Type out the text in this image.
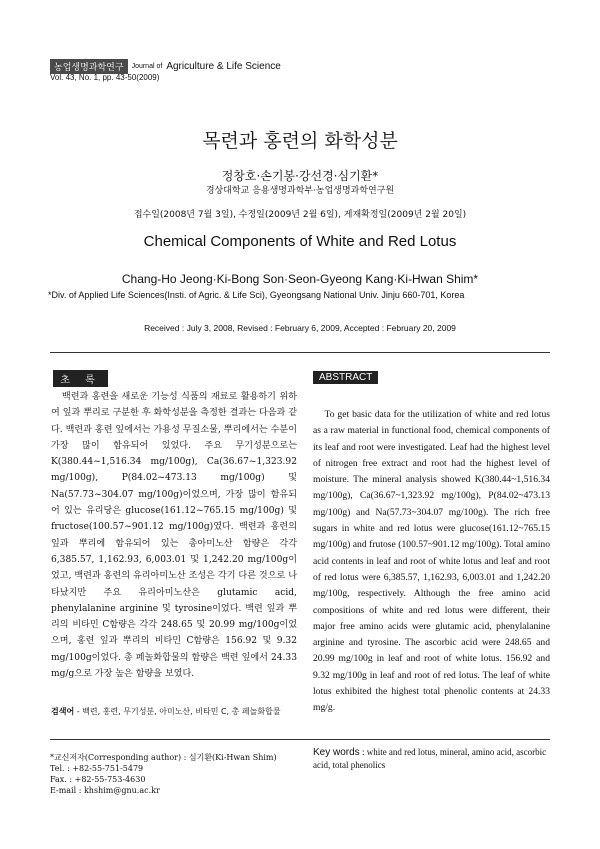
농업생명과학연구	Journal of Agriculture & Life Science
Vol. 43, No. 1, pp. 43-50(2009)
목련과 홍련의 화학성분
정창호·손기봉·강선경·심기환*
경상대학교 응용생명과학부·농업생명과학연구원
접수일(2008년 7월 3일), 수정일(2009년 2월 6일), 게재확정일(2009년 2월 20일)
Chemical Components of White and Red Lotus
Chang-Ho Jeong·Ki-Bong Son·Seon-Gyeong Kang·Ki-Hwan Shim*
*Div. of Applied Life Sciences(Insti. of Agric. & Life Sci), Gyeongsang National Univ. Jinju 660-701, Korea
Received : July 3, 2008, Revised : February 6, 2009, Accepted : February 20, 2009
초 록
백련과 홍련을 새로운 기능성 식품의 재료로 활용하기 위하여 잎과 뿌리로 구분한 후 화학성분을 측정한 결과는 다음과 같다. 백련과 홍련 잎에서는 가용성 무질소물, 뿌리에서는 수분이 가장 많이 함유되어 있었다. 주요 무기성분으로는 K(380.44~1,516.34 mg/100g), Ca(36.67~1,323.92 mg/100g), P(84.02~473.13 mg/100g) 및 Na(57.73~304.07 mg/100g)이었으며, 가장 많이 함유되어 있는 유리당은 glucose(161.12~765.15 mg/100g) 및 fructose(100.57~901.12 mg/100g)였다. 백련과 홍련의 잎과 뿌리에 함유되어 있는 총아미노산 함량은 각각 6,385.57, 1,162.93, 6,003.01 및 1,242.20 mg/100g이었고, 백련과 홍련의 유리아미노산 조성은 각기 다른 것으로 나타났지만 주요 유리아미노산은 glutamic acid, phenylalanine arginine 및 tyrosine이었다. 백련 잎과 뿌리의 비타민 C함량은 각각 248.65 및 20.99 mg/100g이었으며, 홍련 잎과 뿌리의 비타민 C함량은 156.92 및 9.32 mg/100g이었다. 총 페놀화합물의 함량은 백련 잎에서 24.33 mg/g으로 가장 높은 함량을 보였다.
검색어 - 백련, 홍련, 무기성분, 아미노산, 비타민 C, 총 페놀화합물
ABSTRACT
To get basic data for the utilization of white and red lotus as a raw material in functional food, chemical components of its leaf and root were investigated. Leaf had the highest level of nitrogen free extract and root had the highest level of moisture. The mineral analysis showed K(380.44~1,516.34 mg/100g), Ca(36.67~1,323.92 mg/100g), P(84.02~473.13 mg/100g) and Na(57.73~304.07 mg/100g). The rich free sugars in white and red lotus were glucose(161.12~765.15 mg/100g) and frutose (100.57~901.12 mg/100g). Total amino acid contents in leaf and root of white lotus and leaf and root of red lotus were 6,385.57, 1,162.93, 6,003.01 and 1,242.20 mg/100g, respectively. Although the free amino acid compositions of white and red lotus were different, their major free amino acids were glutamic acid, phenylalanine arginine and tyrosine. The ascorbic acid were 248.65 and 20.99 mg/100g in leaf and root of white lotus. 156.92 and 9.32 mg/100g in leaf and root of red lotus. The leaf of white lotus exhibited the highest total phenolic contents at 24.33 mg/g.
*교신저자(Corresponding author) : 심기환(Ki-Hwan Shim)
Tel. : +82-55-751-5479
Fax. : +82-55-753-4630
E-mail : khshim@gnu.ac.kr
Key words : white and red lotus, mineral, amino acid, ascorbic acid, total phenolics
